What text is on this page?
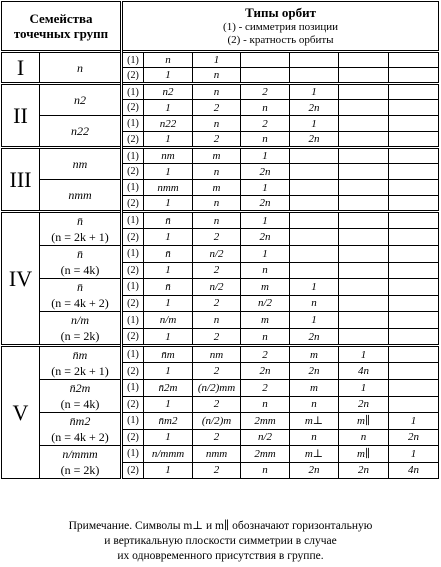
Семейства
точечных групп		Типы орбит
(1) - симметрия позиции
(2) - кратность орбиты						
I	n	(1)	n	1				
		(2)	1	n				
II	n2	(1)	n2	n	2	1		
		(2)	1	2	n	2n		
	n22	(1)	n22	n	2	1		
		(2)	1	2	n	2n		
III	nm	(1)	nm	m	1			
		(2)	1	n	2n			
	nmm	(1)	nmm	m	1			
		(2)	1	n	2n			
IV	n̄
(n = 2k + 1)	(1)	n̄	n	1			
		(2)	1	2	2n			
	n̄
(n = 4k)	(1)	n̄	n/2	1			
		(2)	1	2	n			
	n̄
(n = 4k + 2)	(1)	n̄	n/2	m	1		
		(2)	1	2	n/2	n		
	n/m
(n = 2k)	(1)	n/m	n	m	1		
		(2)	1	2	n	2n		
V	n̄m
(n = 2k + 1)	(1)	n̄m	nm	2	m	1	
		(2)	1	2	2n	2n	4n	
	n̄2m
(n = 4k)	(1)	n̄2m	(n/2)mm	2	m	1	
		(2)	1	2	n	n	2n	
	n̄m2
(n = 4k + 2)	(1)	n̄m2	(n/2)m	2mm	m⊥	m∥	1
		(2)	1	2	n/2	n	n	2n
	n/mmm
(n = 2k)	(1)	n/mmm	nmm	2mm	m⊥	m∥	1
		(2)	1	2	n	2n	2n	4n
Примечание. Символы m⊥ и m∥ обозначают горизонтальную
и вертикальную плоскости симметрии в случае
их одновременного присутствия в группе.
